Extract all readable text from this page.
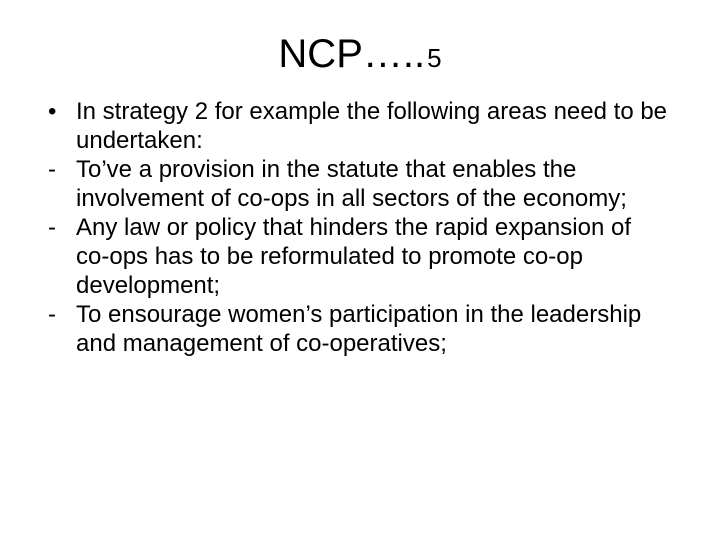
NCP…..5

• In strategy 2 for example the following areas need to be undertaken:

- To’ve a provision in the statute that enables the involvement of co-ops in all sectors of the economy;

- Any law or policy that hinders the rapid expansion of co-ops has to be reformulated to promote co-op development;

- To ensourage women’s participation in the leadership and management of co-operatives;
